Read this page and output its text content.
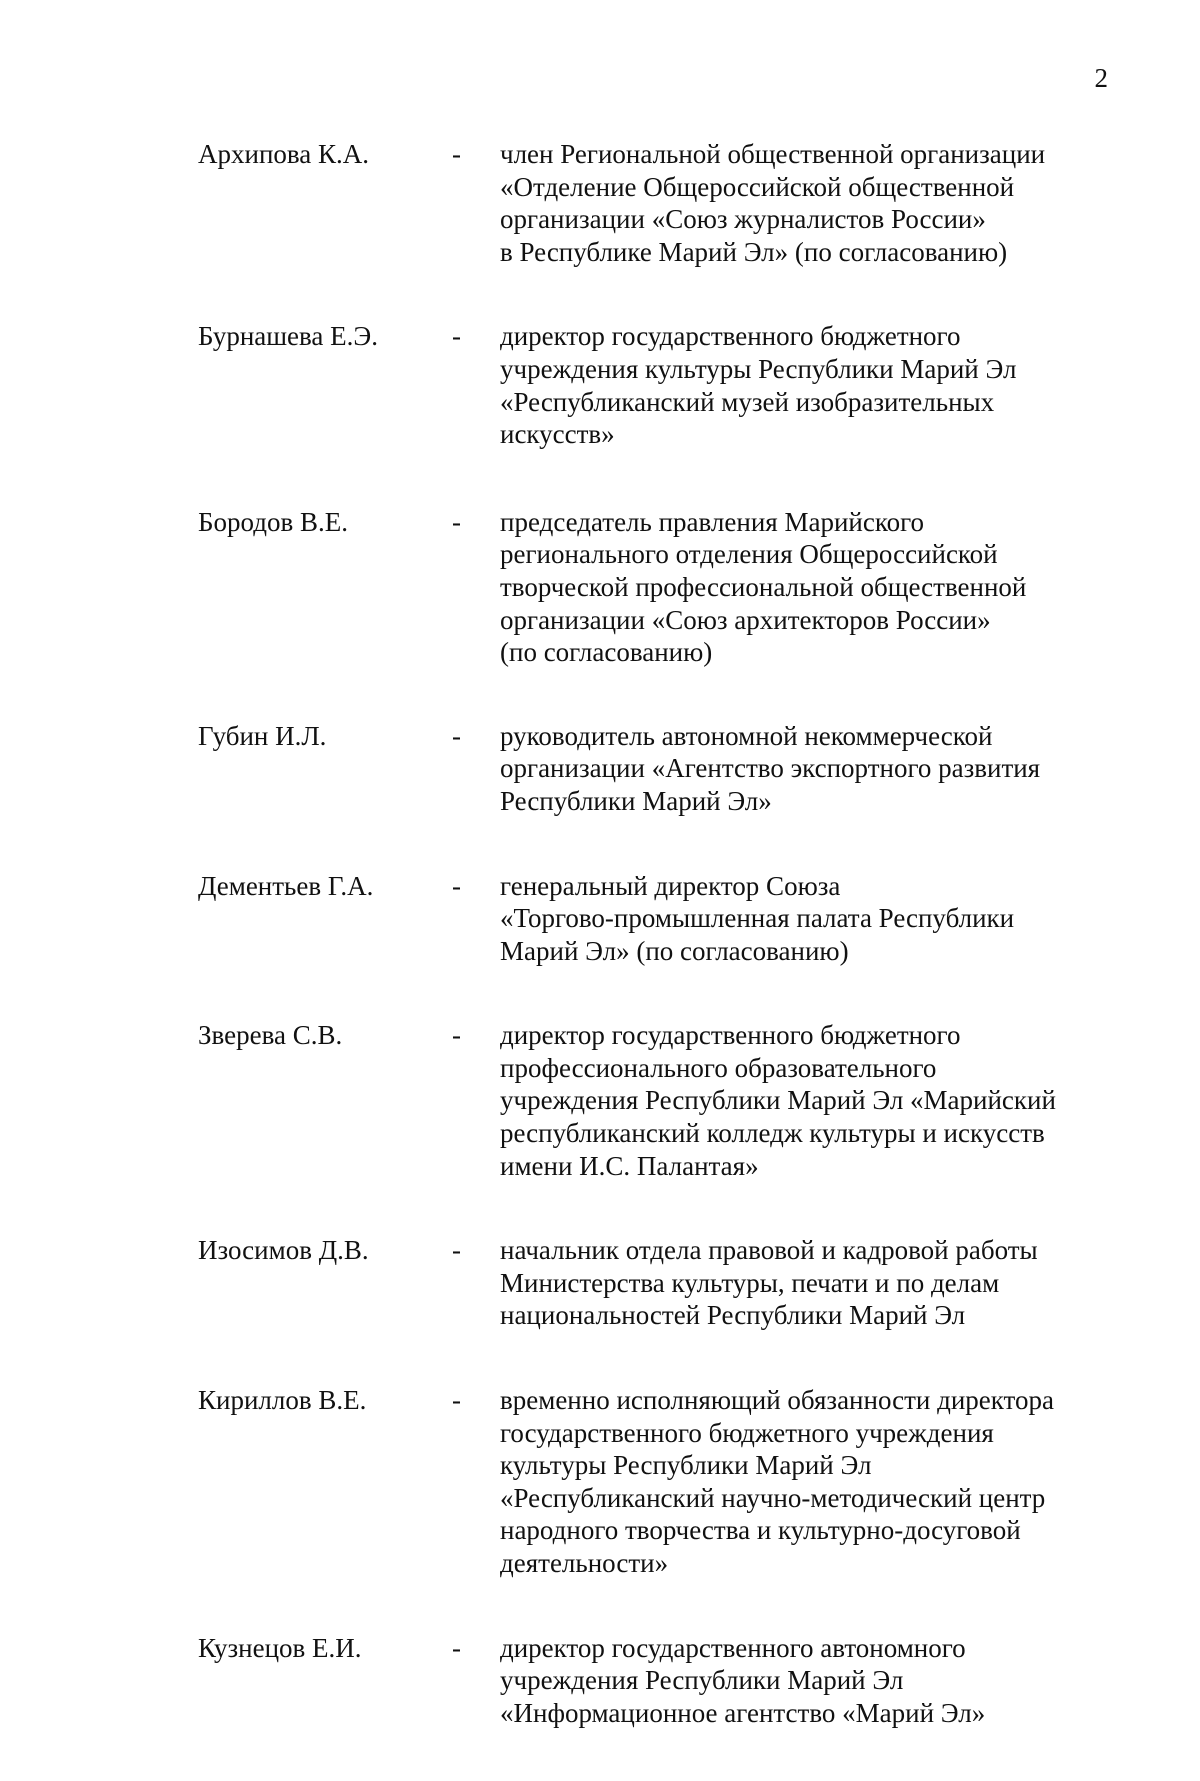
2
Архипова К.А.	- член Региональной общественной организации
«Отделение Общероссийской общественной
организации «Союз журналистов России»
в Республике Марий Эл» (по согласованию)
Бурнашева Е.Э.	- директор государственного бюджетного
учреждения культуры Республики Марий Эл
«Республиканский музей изобразительных
искусств»
Бородов В.Е.	- председатель правления Марийского
регионального отделения Общероссийской
творческой профессиональной общественной
организации «Союз архитекторов России»
(по согласованию)
Губин И.Л.	- руководитель автономной некоммерческой
организации «Агентство экспортного развития
Республики Марий Эл»
Дементьев Г.А.	- генеральный директор Союза
«Торгово-промышленная палата Республики
Марий Эл» (по согласованию)
Зверева С.В.	- директор государственного бюджетного
профессионального образовательного
учреждения Республики Марий Эл «Марийский
республиканский колледж культуры и искусств
имени И.С. Палантая»
Изосимов Д.В.	- начальник отдела правовой и кадровой работы
Министерства культуры, печати и по делам
национальностей Республики Марий Эл
Кириллов В.Е.	- временно исполняющий обязанности директора
государственного бюджетного учреждения
культуры Республики Марий Эл
«Республиканский научно-методический центр
народного творчества и культурно-досуговой
деятельности»
Кузнецов Е.И.	- директор государственного автономного
учреждения Республики Марий Эл
«Информационное агентство «Марий Эл»
